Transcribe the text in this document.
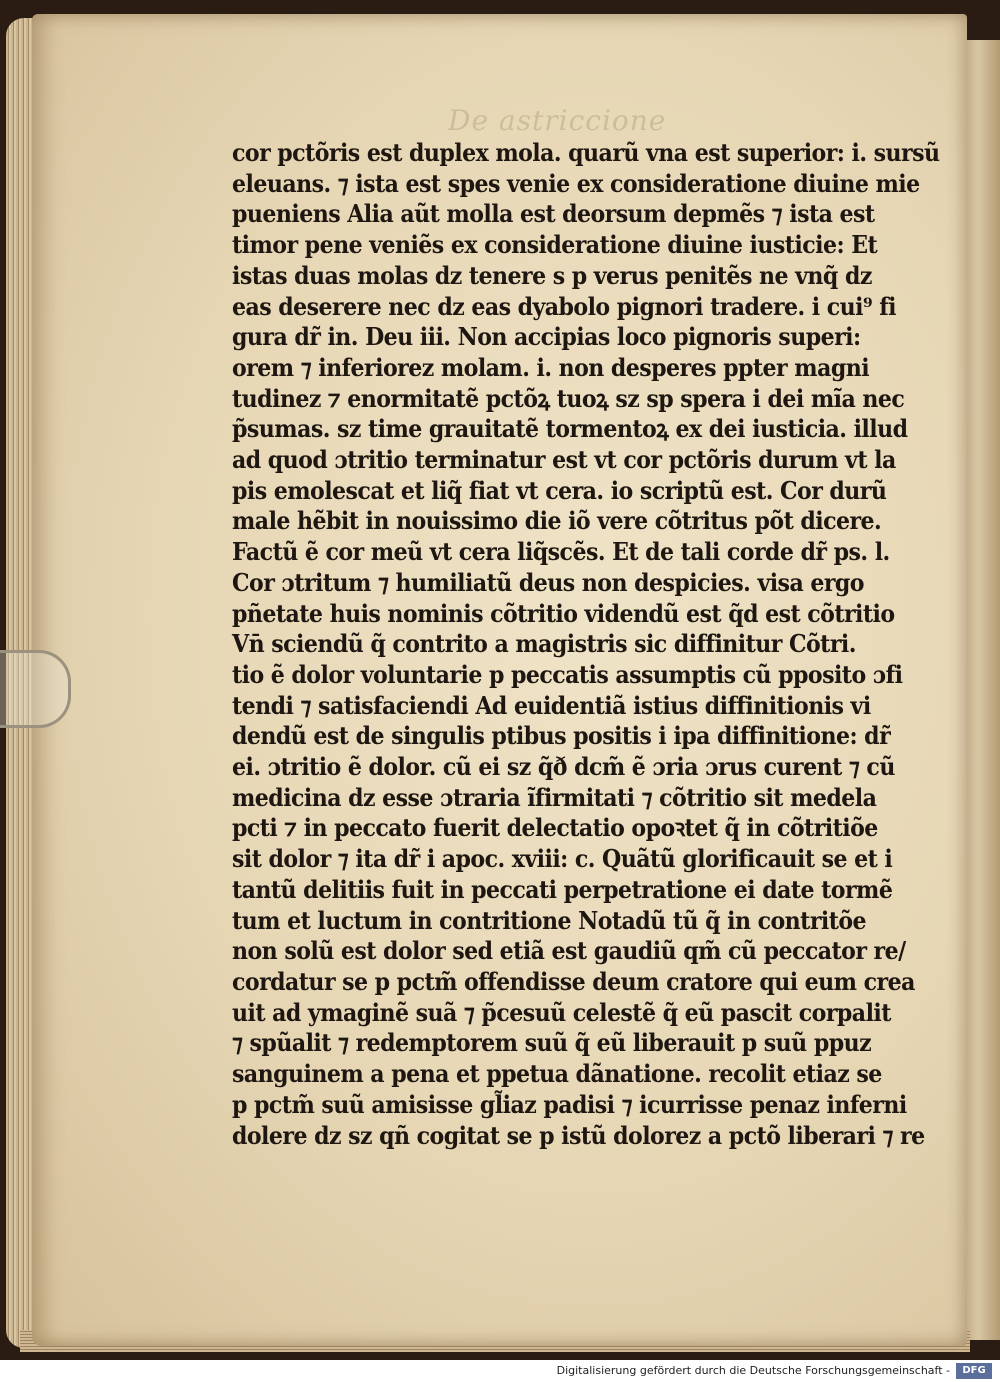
De astriccione
cor pctõris est duplex mola. quarũ vna est superior: i. sursũ
eleuans. ⁊ ista est spes venie ex consideratione diuine mie
pueniens Alia aũt molla est deorsum depmẽs ⁊ ista est
timor pene veniẽs ex consideratione diuine iusticie: Et
istas duas molas dz tenere s p verus penitẽs ne vnq̃ dz
eas deserere nec dz eas dyabolo pignori tradere. i cui⁹ fi
gura dr̃ in. Deu iii. Non accipias loco pignoris superi:
orem ⁊ inferiorez molam. i. non desperes ppter magni
tudinez ⁊ enormitatẽ pctõꝝ tuoꝝ sz sp spera i dei mĩa nec
p̃sumas. sz time grauitatẽ tormentoꝝ ex dei iusticia. illud
ad quod ɔtritio terminatur est vt cor pctõris durum vt la
pis emolescat et liq̃ fiat vt cera. io scriptũ est. Cor durũ
male hẽbit in nouissimo die iõ vere cõtritus põt dicere.
Factũ ẽ cor meũ vt cera liq̃scẽs. Et de tali corde dr̃ ps. l.
Cor ɔtritum ⁊ humiliatũ deus non despicies. visa ergo
pñetate huis nominis cõtritio videndũ est q̃d est cõtritio
Vn̄ sciendũ q̃ contrito a magistris sic diffinitur Cõtri.
tio ẽ dolor voluntarie p peccatis assumptis cũ pposito ɔfi
tendi ⁊ satisfaciendi Ad euidentiã istius diffinitionis vi
dendũ est de singulis ptibus positis i ipa diffinitione: dr̃
ei. ɔtritio ẽ dolor. cũ ei sz q̃ð dcm̃ ẽ ɔria ɔrus curent ⁊ cũ
medicina dz esse ɔtraria ĩfirmitati ⁊ cõtritio sit medela
pcti ⁊ in peccato fuerit delectatio opoꝛtet q̃ in cõtritiõe
sit dolor ⁊ ita dr̃ i apoc. xviii: c. Quãtũ glorificauit se et i
tantũ delitiis fuit in peccati perpetratione ei date tormẽ
tum et luctum in contritione Notadũ tũ q̃ in contritõe
non solũ est dolor sed etiã est gaudiũ qm̃ cũ peccator re/
cordatur se p pctm̃ offendisse deum cratore qui eum crea
uit ad ymaginẽ suã ⁊ p̃cesuũ celestẽ q̃ eũ pascit corpalit
⁊ spũalit ⁊ redemptorem suũ q̃ eũ liberauit p suũ ppuz
sanguinem a pena et ppetua dãnatione. recolit etiaz se
p pctm̃ suũ amisisse gl̃iaz padisi ⁊ icurrisse penaz inferni
dolere dz sz qñ cogitat se p istũ dolorez a pctõ liberari ⁊ re
Digitalisierung gefördert durch die Deutsche Forschungsgemeinschaft -	DFG
